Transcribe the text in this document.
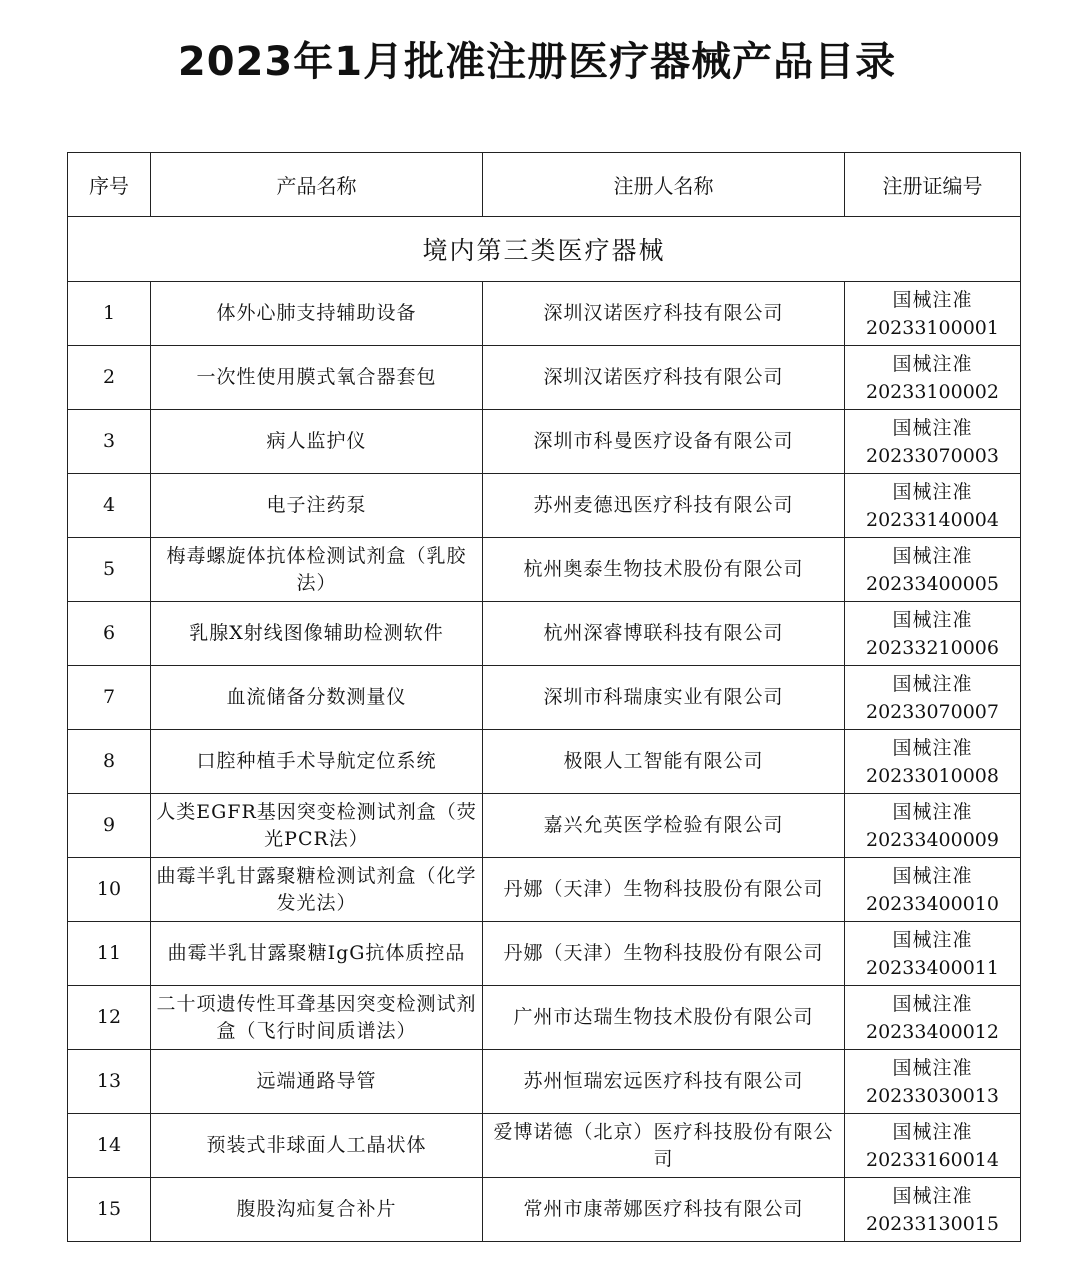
2023年1月批准注册医疗器械产品目录
序号	产品名称	注册人名称	注册证编号
境内第三类医疗器械			
1	体外心肺支持辅助设备	深圳汉诺医疗科技有限公司	国械注准
20233100001

2	一次性使用膜式氧合器套包	深圳汉诺医疗科技有限公司	国械注准
20233100002

3	病人监护仪	深圳市科曼医疗设备有限公司	国械注准
20233070003

4	电子注药泵	苏州麦德迅医疗科技有限公司	国械注准
20233140004

5	梅毒螺旋体抗体检测试剂盒（乳胶法）	杭州奥泰生物技术股份有限公司	国械注准
20233400005

6	乳腺X射线图像辅助检测软件	杭州深睿博联科技有限公司	国械注准
20233210006

7	血流储备分数测量仪	深圳市科瑞康实业有限公司	国械注准
20233070007

8	口腔种植手术导航定位系统	极限人工智能有限公司	国械注准
20233010008

9	人类EGFR基因突变检测试剂盒（荧光PCR法）	嘉兴允英医学检验有限公司	国械注准
20233400009

10	曲霉半乳甘露聚糖检测试剂盒（化学发光法）	丹娜（天津）生物科技股份有限公司	国械注准
20233400010

11	曲霉半乳甘露聚糖IgG抗体质控品	丹娜（天津）生物科技股份有限公司	国械注准
20233400011

12	二十项遗传性耳聋基因突变检测试剂盒（飞行时间质谱法）	广州市达瑞生物技术股份有限公司	国械注准
20233400012

13	远端通路导管	苏州恒瑞宏远医疗科技有限公司	国械注准
20233030013

14	预装式非球面人工晶状体	爱博诺德（北京）医疗科技股份有限公司	国械注准
20233160014

15	腹股沟疝复合补片	常州市康蒂娜医疗科技有限公司	国械注准
20233130015
